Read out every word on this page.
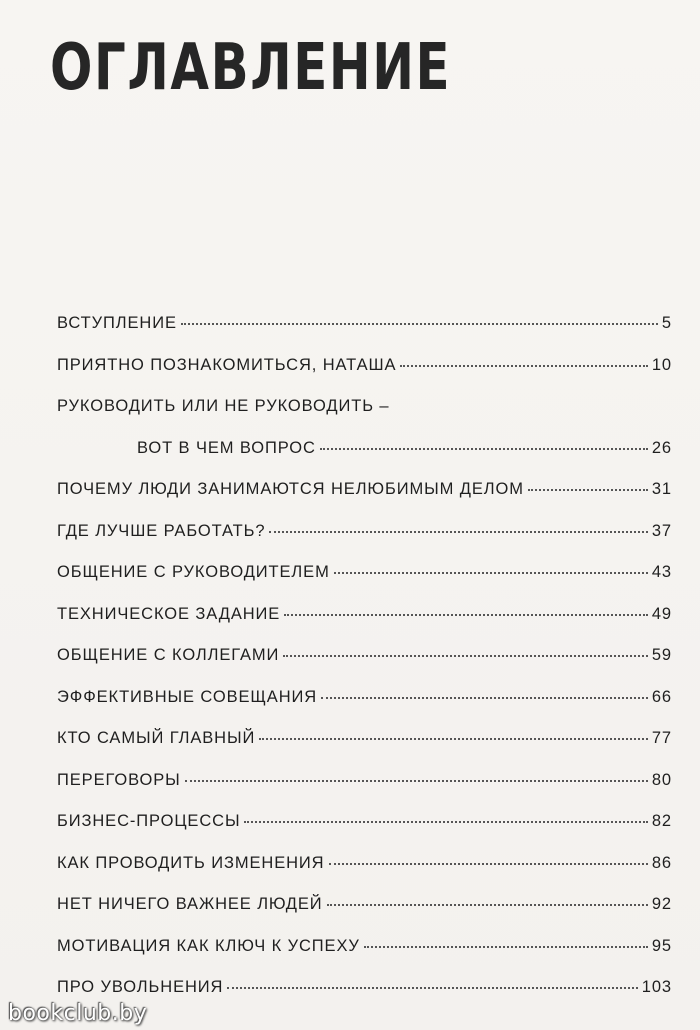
ОГЛАВЛЕНИЕ
ВСТУПЛЕНИЕ	5
ПРИЯТНО ПОЗНАКОМИТЬСЯ, НАТАША	10
РУКОВОДИТЬ ИЛИ НЕ РУКОВОДИТЬ –
ВОТ В ЧЕМ ВОПРОС	26
ПОЧЕМУ ЛЮДИ ЗАНИМАЮТСЯ НЕЛЮБИМЫМ ДЕЛОМ	31
ГДЕ ЛУЧШЕ РАБОТАТЬ?	37
ОБЩЕНИЕ С РУКОВОДИТЕЛЕМ	43
ТЕХНИЧЕСКОЕ ЗАДАНИЕ	49
ОБЩЕНИЕ С КОЛЛЕГАМИ	59
ЭФФЕКТИВНЫЕ СОВЕЩАНИЯ	66
КТО САМЫЙ ГЛАВНЫЙ	77
ПЕРЕГОВОРЫ	80
БИЗНЕС-ПРОЦЕССЫ	82
КАК ПРОВОДИТЬ ИЗМЕНЕНИЯ	86
НЕТ НИЧЕГО ВАЖНЕЕ ЛЮДЕЙ	92
МОТИВАЦИЯ КАК КЛЮЧ К УСПЕХУ	95
ПРО УВОЛЬНЕНИЯ	103
bookclub.by
